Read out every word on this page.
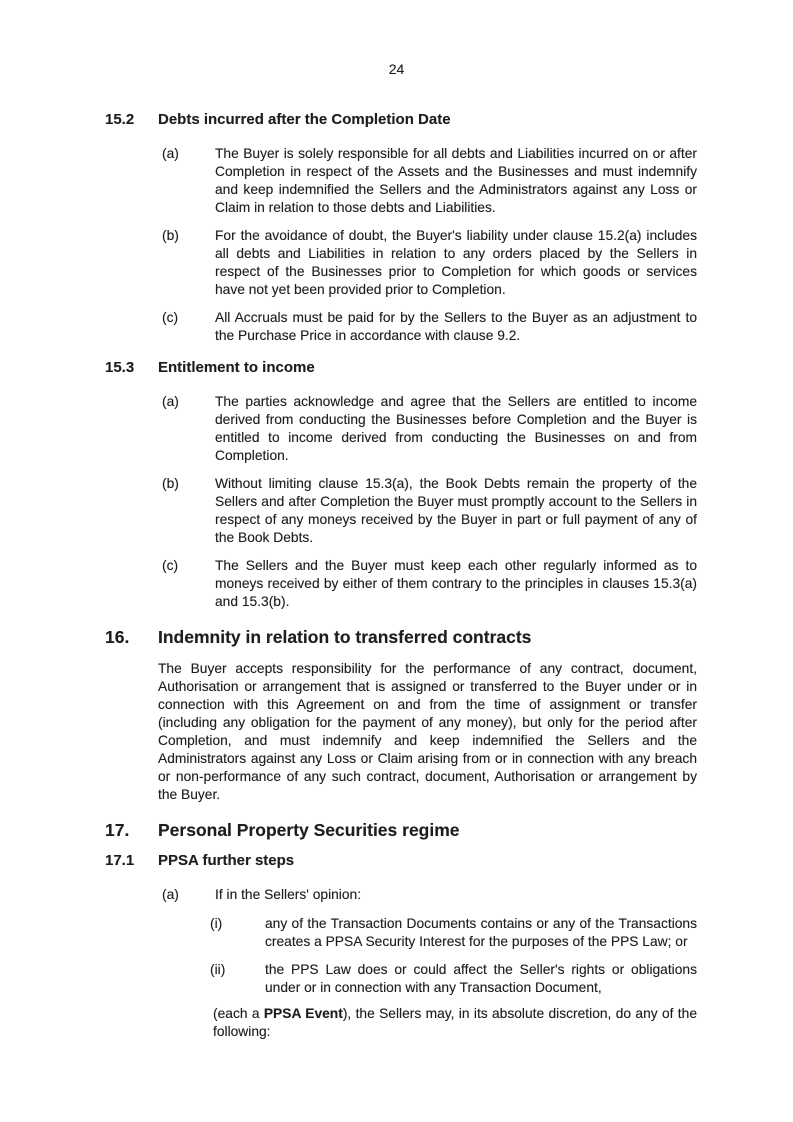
24
15.2	Debts incurred after the Completion Date
(a)	The Buyer is solely responsible for all debts and Liabilities incurred on or after Completion in respect of the Assets and the Businesses and must indemnify and keep indemnified the Sellers and the Administrators against any Loss or Claim in relation to those debts and Liabilities.

(b)	For the avoidance of doubt, the Buyer's liability under clause 15.2(a) includes all debts and Liabilities in relation to any orders placed by the Sellers in respect of the Businesses prior to Completion for which goods or services have not yet been provided prior to Completion.

(c)	All Accruals must be paid for by the Sellers to the Buyer as an adjustment to the Purchase Price in accordance with clause 9.2.

15.3	Entitlement to income
(a)	The parties acknowledge and agree that the Sellers are entitled to income derived from conducting the Businesses before Completion and the Buyer is entitled to income derived from conducting the Businesses on and from Completion.

(b)	Without limiting clause 15.3(a), the Book Debts remain the property of the Sellers and after Completion the Buyer must promptly account to the Sellers in respect of any moneys received by the Buyer in part or full payment of any of the Book Debts.

(c)	The Sellers and the Buyer must keep each other regularly informed as to moneys received by either of them contrary to the principles in clauses 15.3(a) and 15.3(b).

16.	Indemnity in relation to transferred contracts

The Buyer accepts responsibility for the performance of any contract, document, Authorisation or arrangement that is assigned or transferred to the Buyer under or in connection with this Agreement on and from the time of assignment or transfer (including any obligation for the payment of any money), but only for the period after Completion, and must indemnify and keep indemnified the Sellers and the Administrators against any Loss or Claim arising from or in connection with any breach or non-performance of any such contract, document, Authorisation or arrangement by the Buyer.

17.	Personal Property Securities regime
17.1	PPSA further steps
(a)	If in the Sellers' opinion:

(i)	any of the Transaction Documents contains or any of the Transactions creates a PPSA Security Interest for the purposes of the PPS Law; or

(ii)	the PPS Law does or could affect the Seller's rights or obligations under or in connection with any Transaction Document,

(each a PPSA Event), the Sellers may, in its absolute discretion, do any of the following:
